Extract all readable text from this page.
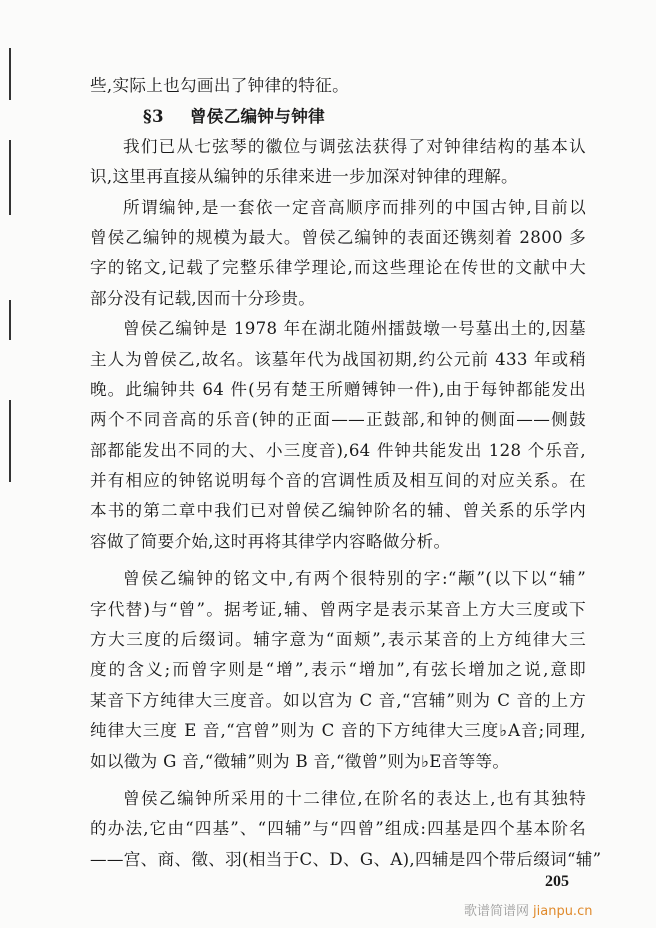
些,实际上也勾画出了钟律的特征。
§3 曾侯乙编钟与钟律
我们已从七弦琴的徽位与调弦法获得了对钟律结构的基本认
识,这里再直接从编钟的乐律来进一步加深对钟律的理解。
所谓编钟,是一套依一定音高顺序而排列的中国古钟,目前以
曾侯乙编钟的规模为最大。曾侯乙编钟的表面还镌刻着 2800 多
字的铭文,记载了完整乐律学理论,而这些理论在传世的文献中大
部分没有记载,因而十分珍贵。
曾侯乙编钟是 1978 年在湖北随州擂鼓墩一号墓出土的,因墓
主人为曾侯乙,故名。该墓年代为战国初期,约公元前 433 年或稍
晚。此编钟共 64 件(另有楚王所赠镈钟一件),由于每钟都能发出
两个不同音高的乐音(钟的正面——正鼓部,和钟的侧面——侧鼓
部都能发出不同的大、小三度音),64 件钟共能发出 128 个乐音,
并有相应的钟铭说明每个音的宫调性质及相互间的对应关系。在
本书的第二章中我们已对曾侯乙编钟阶名的辅、曾关系的乐学内
容做了简要介始,这时再将其律学内容略做分析。
曾侯乙编钟的铭文中,有两个很特别的字:“颟”(以下以“辅”
字代替)与“曾”。据考证,辅、曾两字是表示某音上方大三度或下
方大三度的后缀词。辅字意为“面颊”,表示某音的上方纯律大三
度的含义;而曾字则是“增”,表示“增加”,有弦长增加之说,意即
某音下方纯律大三度音。如以宫为 C 音,“宫辅”则为 C 音的上方
纯律大三度 E 音,“宫曾”则为 C 音的下方纯律大三度♭A音;同理,
如以徵为 G 音,“徵辅”则为 B 音,“徵曾”则为♭E音等等。
曾侯乙编钟所采用的十二律位,在阶名的表达上,也有其独特
的办法,它由“四基”、“四辅”与“四曾”组成:四基是四个基本阶名
——宫、商、徵、羽(相当于C、D、G、A),四辅是四个带后缀词“辅”
205
歌谱简谱网 jianpu.cn
